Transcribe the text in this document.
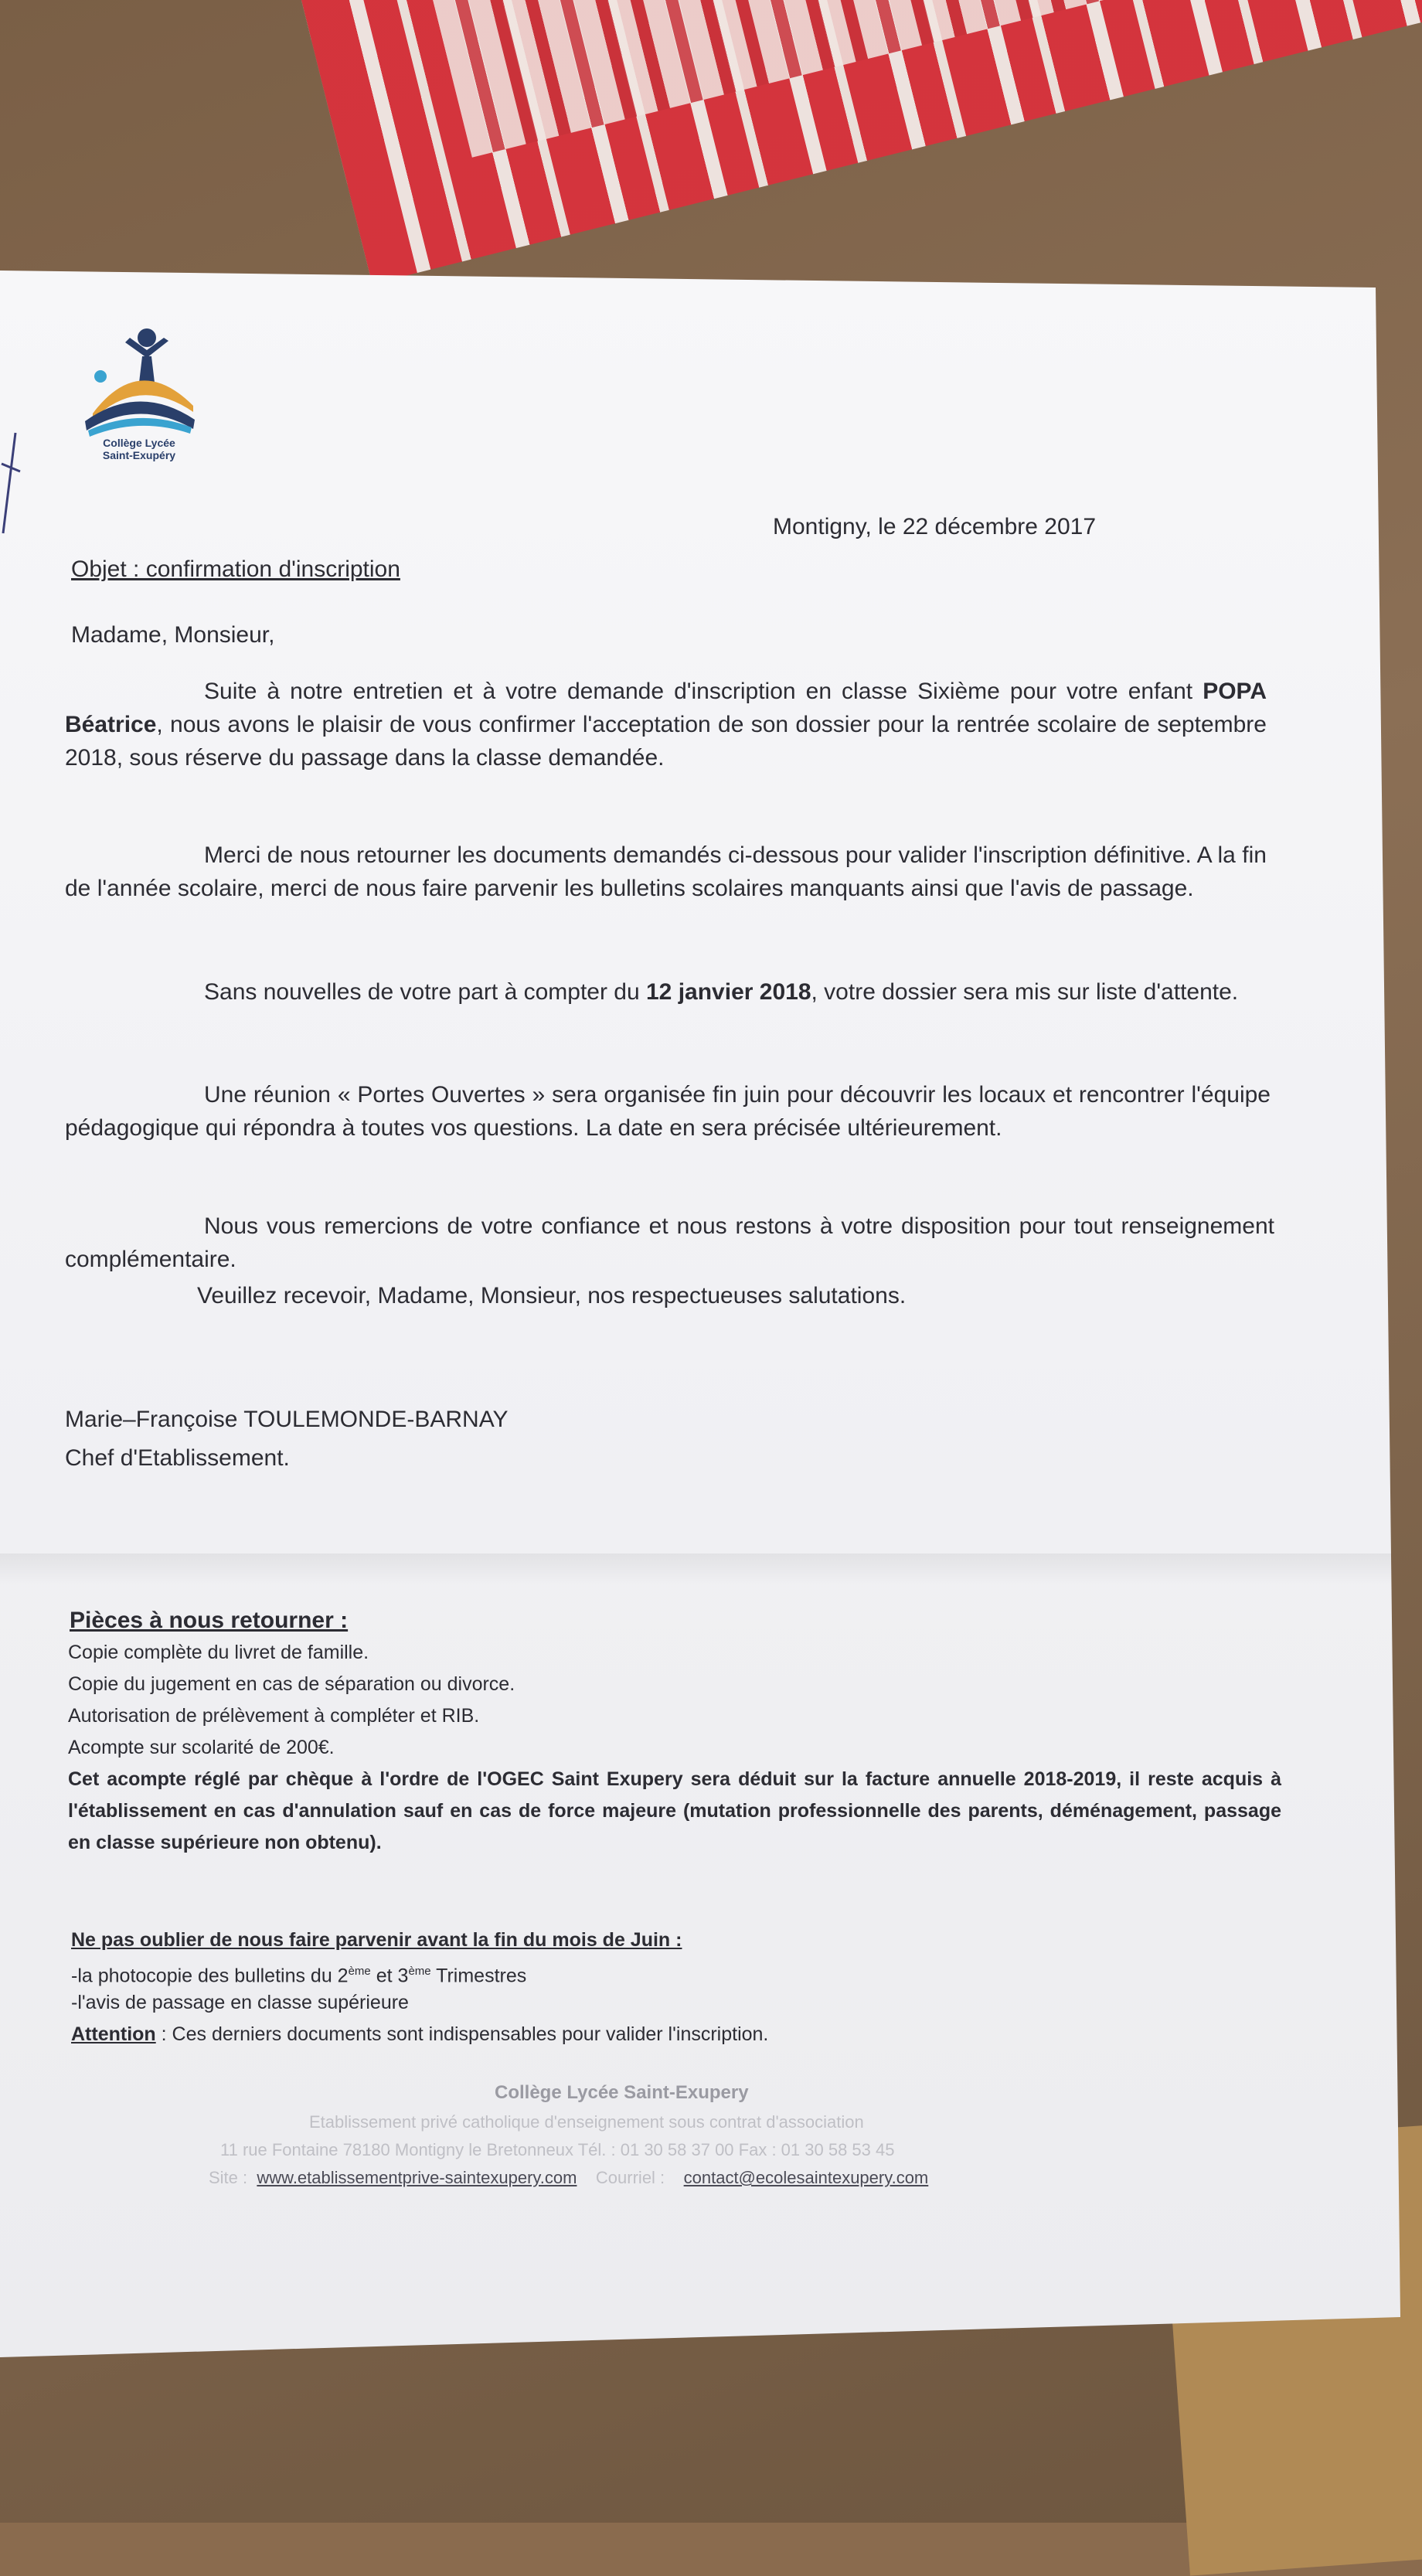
Collège Lycée
Saint-Exupéry
Montigny, le 22 décembre 2017
Objet : confirmation d'inscription
Madame, Monsieur,
Suite à notre entretien et à votre demande d'inscription en classe Sixième pour votre enfant POPA Béatrice, nous avons le plaisir de vous confirmer l'acceptation de son dossier pour la rentrée scolaire de septembre 2018, sous réserve du passage dans la classe demandée.
Merci de nous retourner les documents demandés ci-dessous pour valider l'inscription définitive. A la fin de l'année scolaire, merci de nous faire parvenir les bulletins scolaires manquants ainsi que l'avis de passage.
Sans nouvelles de votre part à compter du 12 janvier 2018, votre dossier sera mis sur liste d'attente.
Une réunion « Portes Ouvertes » sera organisée fin juin pour découvrir les locaux et rencontrer l'équipe pédagogique qui répondra à toutes vos questions. La date en sera précisée ultérieurement.
Nous vous remercions de votre confiance et nous restons à votre disposition pour tout renseignement complémentaire.
Veuillez recevoir, Madame, Monsieur, nos respectueuses salutations.
Marie–Françoise TOULEMONDE-BARNAY
Chef d'Etablissement.
Pièces à nous retourner :
Copie complète du livret de famille.
Copie du jugement en cas de séparation ou divorce.
Autorisation de prélèvement à compléter et RIB.
Acompte sur scolarité de 200€.
Cet acompte réglé par chèque à l'ordre de l'OGEC Saint Exupery sera déduit sur la facture annuelle 2018-2019, il reste acquis à l'établissement en cas d'annulation sauf en cas de force majeure (mutation professionnelle des parents, déménagement, passage en classe supérieure non obtenu).
Ne pas oublier de nous faire parvenir avant la fin du mois de Juin :
-la photocopie des bulletins du 2ème et 3ème Trimestres
-l'avis de passage en classe supérieure
Attention : Ces derniers documents sont indispensables pour valider l'inscription.
Collège Lycée Saint-Exupery
Etablissement privé catholique d'enseignement sous contrat d'association
11 rue Fontaine 78180 Montigny le Bretonneux Tél. : 01 30 58 37 00 Fax : 01 30 58 53 45
Site : www.etablissementprive-saintexupery.com Courriel : contact@ecolesaintexupery.com
